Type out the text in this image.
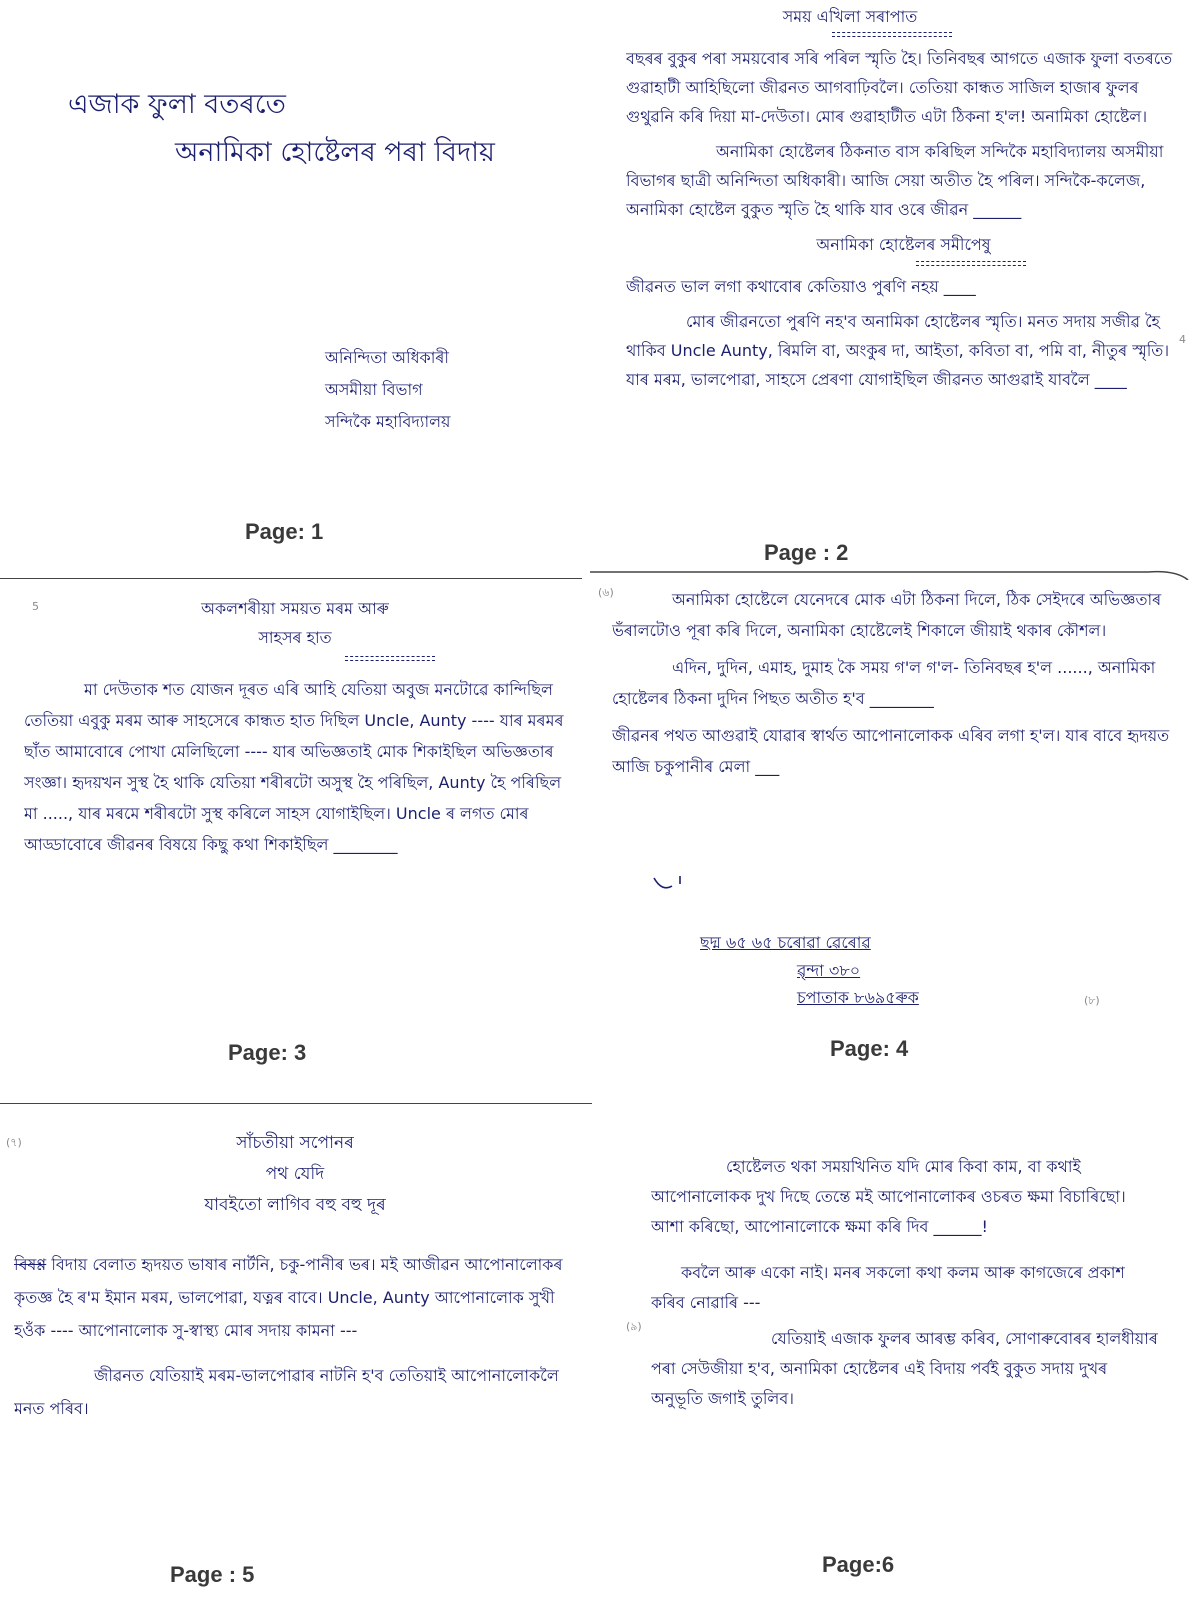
এজাক ফুলা বতৰতে
অনামিকা হোষ্টেলৰ পৰা বিদায়
অনিন্দিতা অধিকাৰী
অসমীয়া বিভাগ
সন্দিকৈ মহাবিদ্যালয়
Page: 1
সময় এখিলা সৰাপাত

বছৰৰ বুকুৰ পৰা সময়বোৰ সৰি পৰিল স্মৃতি হৈ। তিনিবছৰ আগতে এজাক ফুলা বতৰতে গুৱাহাটী আহিছিলো জীৱনত আগবাঢ়িবলৈ। তেতিয়া কান্ধত সাজিল হাজাৰ ফুলৰ গুথুৱনি কৰি দিয়া মা-দেউতা। মোৰ গুৱাহাটীত এটা ঠিকনা হ'ল! অনামিকা হোষ্টেল।

অনামিকা হোষ্টেলৰ ঠিকনাত বাস কৰিছিল সন্দিকৈ মহাবিদ্যালয় অসমীয়া বিভাগৰ ছাত্ৰী অনিন্দিতা অধিকাৰী। আজি সেয়া অতীত হৈ পৰিল। সন্দিকৈ-কলেজ, অনামিকা হোষ্টেল বুকুত স্মৃতি হৈ থাকি যাব ওৰে জীৱন ______

অনামিকা হোষ্টেলৰ সমীপেষু

জীৱনত ভাল লগা কথাবোৰ কেতিয়াও পুৰণি নহয় ____

মোৰ জীৱনতো পুৰণি নহ'ব অনামিকা হোষ্টেলৰ স্মৃতি। মনত সদায় সজীৱ হৈ থাকিব Uncle Aunty, ৰিমলি বা, অংকুৰ দা, আইতা, কবিতা বা, পমি বা, নীতুৰ স্মৃতি। যাৰ মৰম, ভালপোৱা, সাহসে প্ৰেৰণা যোগাইছিল জীৱনত আগুৱাই যাবলৈ ____

4
Page : 2
5	অকলশৰীয়া সময়ত মৰম আৰু
সাহসৰ হাত

মা দেউতাক শত যোজন দূৰত এৰি আহি যেতিয়া অবুজ মনটোৱে কান্দিছিল তেতিয়া এবুকু মৰম আৰু সাহসেৰে কান্ধত হাত দিছিল Uncle, Aunty ---- যাৰ মৰমৰ ছাঁত আমাবোৰে পোখা মেলিছিলো ---- যাৰ অভিজ্ঞতাই মোক শিকাইছিল অভিজ্ঞতাৰ সংজ্ঞা। হৃদয়খন সুস্থ হৈ থাকি যেতিয়া শৰীৰটো অসুস্থ হৈ পৰিছিল, Aunty হৈ পৰিছিল মা ....., যাৰ মৰমে শৰীৰটো সুস্থ কৰিলে সাহস যোগাইছিল। Uncle ৰ লগত মোৰ আড্ডাবোৰে জীৱনৰ বিষয়ে কিছু কথা শিকাইছিল ________

Page: 3
(৬)	অনামিকা হোষ্টেলে যেনেদৰে মোক এটা ঠিকনা দিলে, ঠিক সেইদৰে অভিজ্ঞতাৰ ভঁৰালটোও পূৰা কৰি দিলে, অনামিকা হোষ্টেলেই শিকালে জীয়াই থকাৰ কৌশল।

এদিন, দুদিন, এমাহ, দুমাহ কৈ সময় গ'ল গ'ল- তিনিবছৰ হ'ল ......, অনামিকা হোষ্টেলৰ ঠিকনা দুদিন পিছত অতীত হ'ব ________

জীৱনৰ পথত আগুৱাই যোৱাৰ স্বাৰ্থত আপোনালোকক এৰিব লগা হ'ল। যাৰ বাবে হৃদয়ত আজি চকুপানীৰ মেলা ___

ছদ্ম ৬৫ ৬৫ চৰোৱা ৱেৰোৱ
ৱৃন্দা ৩৮০
চপাতাক ৮৬৯৫ৰুক	(৮)
Page: 4
(৭)	সাঁচতীয়া সপোনৰ
পথ যেদি
যাবইতো লাগিব বহু বহু দূৰ

বিষণ্ণ বিদায় বেলাত হৃদয়ত ভাষাৰ নাৰ্টনি, চকু-পানীৰ ভৰ। মই আজীৱন আপোনালোকৰ কৃতজ্ঞ হৈ ৰ'ম ইমান মৰম, ভালপোৱা, যত্নৰ বাবে। Uncle, Aunty আপোনালোক সুখী হওঁক ---- আপোনালোক সু-স্বাস্থ্য মোৰ সদায় কামনা ---

জীৱনত যেতিয়াই মৰম-ভালপোৱাৰ নাটনি হ'ব তেতিয়াই আপোনালোকলৈ মনত পৰিব।

Page : 5

হোষ্টেলত থকা সময়খিনিত যদি মোৰ কিবা কাম, বা কথাই আপোনালোকক দুখ দিছে তেন্তে মই আপোনালোকৰ ওচৰত ক্ষমা বিচাৰিছো। আশা কৰিছো, আপোনালোকে ক্ষমা কৰি দিব ______!

কবলৈ আৰু একো নাই। মনৰ সকলো কথা কলম আৰু কাগজেৰে প্ৰকাশ কৰিব নোৱাৰি ---

যেতিয়াই এজাক ফুলৰ আৰম্ভ কৰিব, সোণাৰুবোৰৰ হালধীয়াৰ পৰা সেউজীয়া হ'ব, অনামিকা হোষ্টেলৰ এই বিদায় পৰ্বই বুকুত সদায় দুখৰ অনুভূতি জগাই তুলিব।

(৯)
Page:6
